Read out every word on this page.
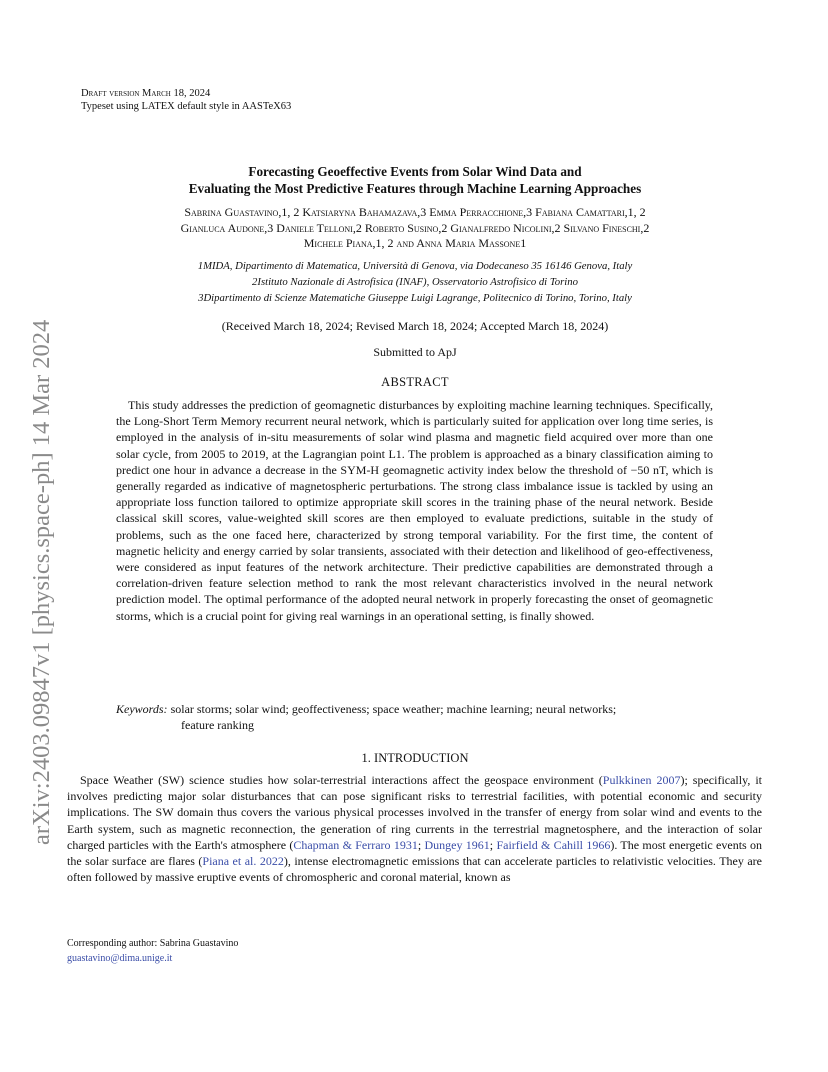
arXiv:2403.09847v1 [physics.space-ph] 14 Mar 2024
Draft version March 18, 2024
Typeset using LATEX default style in AASTeX63
Forecasting Geoeffective Events from Solar Wind Data and
Evaluating the Most Predictive Features through Machine Learning Approaches
Sabrina Guastavino,1, 2 Katsiaryna Bahamazava,3 Emma Perracchione,3 Fabiana Camattari,1, 2
Gianluca Audone,3 Daniele Telloni,2 Roberto Susino,2 Gianalfredo Nicolini,2 Silvano Fineschi,2
Michele Piana,1, 2 and Anna Maria Massone1
1MIDA, Dipartimento di Matematica, Università di Genova, via Dodecaneso 35 16146 Genova, Italy
2Istituto Nazionale di Astrofisica (INAF), Osservatorio Astrofisico di Torino
3Dipartimento di Scienze Matematiche Giuseppe Luigi Lagrange, Politecnico di Torino, Torino, Italy
(Received March 18, 2024; Revised March 18, 2024; Accepted March 18, 2024)
Submitted to ApJ
ABSTRACT

This study addresses the prediction of geomagnetic disturbances by exploiting machine learning techniques. Specifically, the Long-Short Term Memory recurrent neural network, which is particularly suited for application over long time series, is employed in the analysis of in-situ measurements of solar wind plasma and magnetic field acquired over more than one solar cycle, from 2005 to 2019, at the Lagrangian point L1. The problem is approached as a binary classification aiming to predict one hour in advance a decrease in the SYM-H geomagnetic activity index below the threshold of −50 nT, which is generally regarded as indicative of magnetospheric perturbations. The strong class imbalance issue is tackled by using an appropriate loss function tailored to optimize appropriate skill scores in the training phase of the neural network. Beside classical skill scores, value-weighted skill scores are then employed to evaluate predictions, suitable in the study of problems, such as the one faced here, characterized by strong temporal variability. For the first time, the content of magnetic helicity and energy carried by solar transients, associated with their detection and likelihood of geo-effectiveness, were considered as input features of the network architecture. Their predictive capabilities are demonstrated through a correlation-driven feature selection method to rank the most relevant characteristics involved in the neural network prediction model. The optimal performance of the adopted neural network in properly forecasting the onset of geomagnetic storms, which is a crucial point for giving real warnings in an operational setting, is finally showed.

Keywords: solar storms; solar wind; geoffectiveness; space weather; machine learning; neural networks;
feature ranking
1. INTRODUCTION

Space Weather (SW) science studies how solar-terrestrial interactions affect the geospace environment (Pulkkinen 2007); specifically, it involves predicting major solar disturbances that can pose significant risks to terrestrial facilities, with potential economic and security implications. The SW domain thus covers the various physical processes involved in the transfer of energy from solar wind and events to the Earth system, such as magnetic reconnection, the generation of ring currents in the terrestrial magnetosphere, and the interaction of solar charged particles with the Earth's atmosphere (Chapman & Ferraro 1931; Dungey 1961; Fairfield & Cahill 1966). The most energetic events on the solar surface are flares (Piana et al. 2022), intense electromagnetic emissions that can accelerate particles to relativistic velocities. They are often followed by massive eruptive events of chromospheric and coronal material, known as

Corresponding author: Sabrina Guastavino
guastavino@dima.unige.it
